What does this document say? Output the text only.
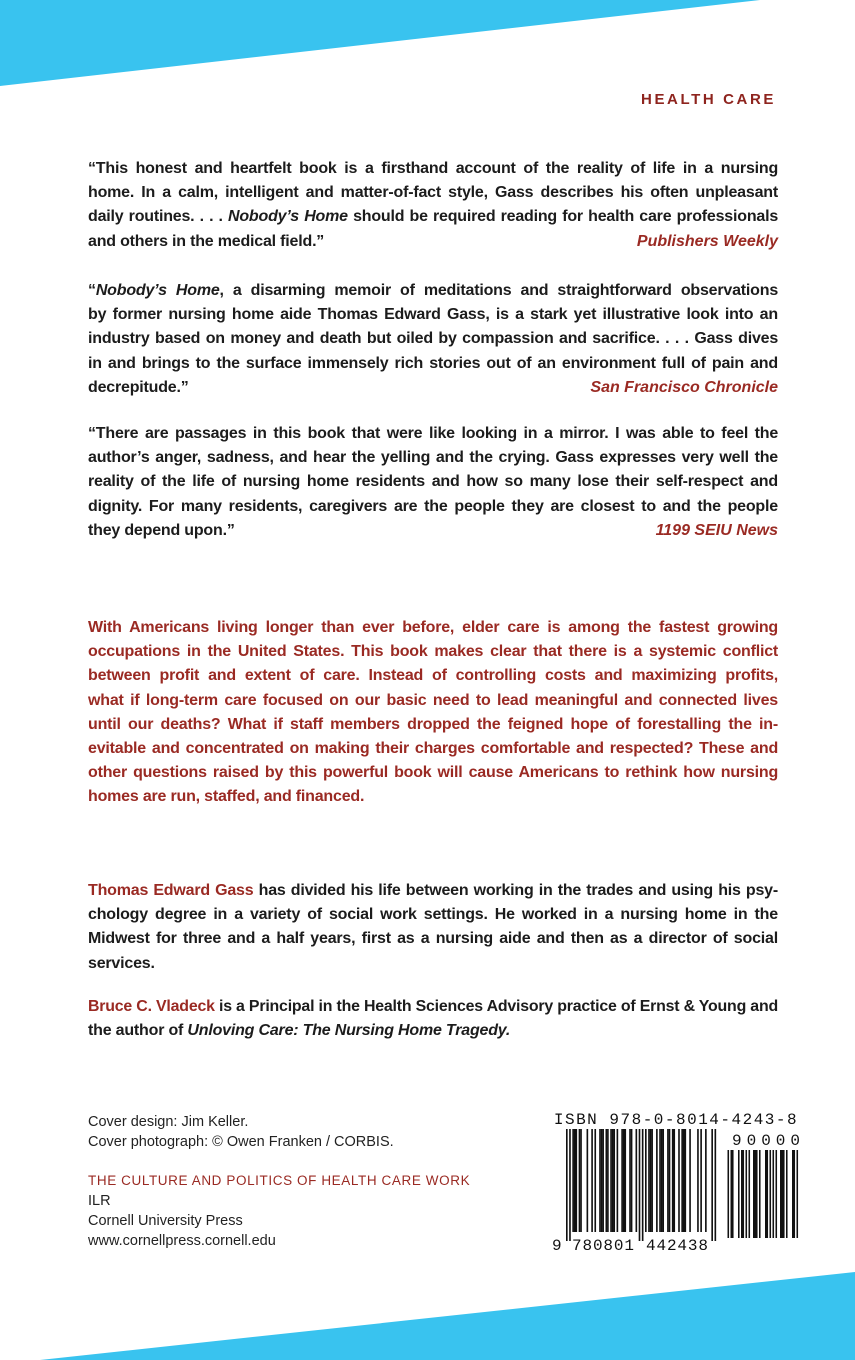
HEALTH CARE
“This honest and heartfelt book is a firsthand account of the reality of life in a nursing
home. In a calm, intelligent and matter-of-fact style, Gass describes his often unpleasant
daily routines. . . . Nobody’s Home should be required reading for health care professionals
and others in the medical field.”	Publishers Weekly
“Nobody’s Home, a disarming memoir of meditations and straightforward observations
by former nursing home aide Thomas Edward Gass, is a stark yet illustrative look into an
industry based on money and death but oiled by compassion and sacrifice. . . . Gass dives
in and brings to the surface immensely rich stories out of an environment full of pain and
decrepitude.”	San Francisco Chronicle
“There are passages in this book that were like looking in a mirror. I was able to feel the
author’s anger, sadness, and hear the yelling and the crying. Gass expresses very well the
reality of the life of nursing home residents and how so many lose their self-respect and
dignity. For many residents, caregivers are the people they are closest to and the people
they depend upon.”	1199 SEIU News
With Americans living longer than ever before, elder care is among the fastest growing
occupations in the United States. This book makes clear that there is a systemic conflict
between profit and extent of care. Instead of controlling costs and maximizing profits,
what if long-term care focused on our basic need to lead meaningful and connected lives
until our deaths? What if staff members dropped the feigned hope of forestalling the in-
evitable and concentrated on making their charges comfortable and respected? These and
other questions raised by this powerful book will cause Americans to rethink how nursing
homes are run, staffed, and financed.
Thomas Edward Gass has divided his life between working in the trades and using his psy-
chology degree in a variety of social work settings. He worked in a nursing home in the
Midwest for three and a half years, first as a nursing aide and then as a director of social
services.
Bruce C. Vladeck is a Principal in the Health Sciences Advisory practice of Ernst & Young and
the author of Unloving Care: The Nursing Home Tragedy.
Cover design: Jim Keller.
Cover photograph: © Owen Franken / CORBIS.
THE CULTURE AND POLITICS OF HEALTH CARE WORK
ILR
Cornell University Press
www.cornellpress.cornell.edu
ISBN 978-0-8014-4243-8
90000
9 780801 442438
